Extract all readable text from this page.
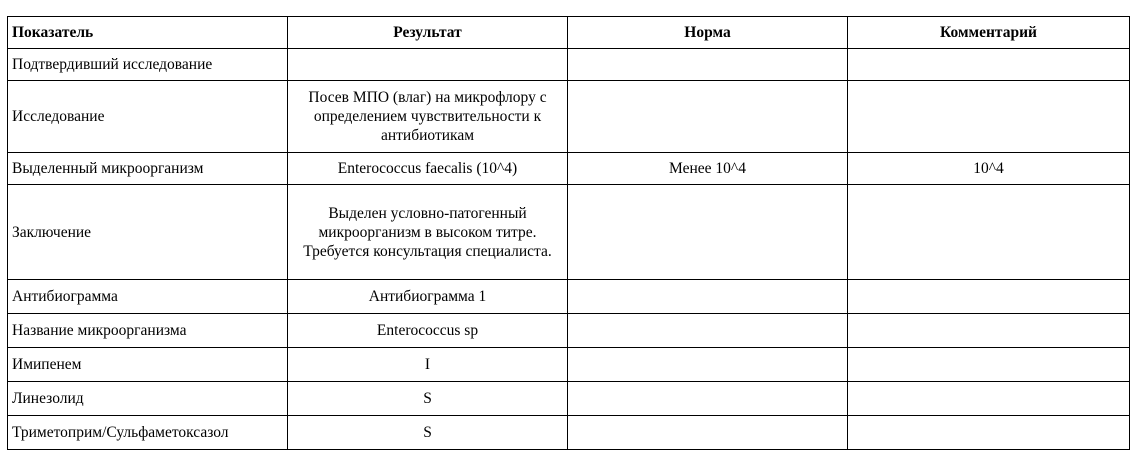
Показатель	Результат	Норма	Комментарий
Подтвердивший исследование			
Исследование	Посев МПО (влаг) на микрофлору с определением чувствительности к антибиотикам		

Выделенный микроорганизм	Enterococcus faecalis (10^4)	Менее 10^4	10^4
Заключение	Выделен условно-патогенный микроорганизм в высоком титре. Требуется консультация специалиста.		

Антибиограмма	Антибиограмма 1		
Название микроорганизма	Enterococcus sp		
Имипенем	I		
Линезолид	S		
Триметоприм/Сульфаметоксазол	S		
